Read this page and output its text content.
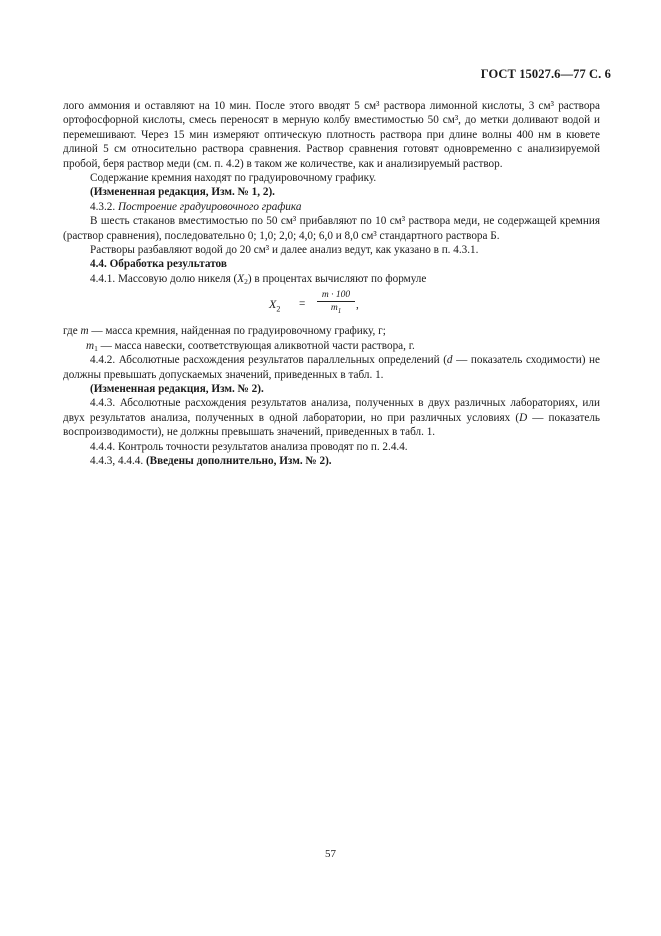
ГОСТ 15027.6—77 С. 6

лого аммония и оставляют на 10 мин. После этого вводят 5 см³ раствора лимонной кислоты, 3 см³ раствора ортофосфорной кислоты, смесь переносят в мерную колбу вместимостью 50 см³, до метки доливают водой и перемешивают. Через 15 мин измеряют оптическую плотность раствора при длине волны 400 нм в кювете длиной 5 см относительно раствора сравнения. Раствор сравнения готовят одновременно с анализируемой пробой, беря раствор меди (см. п. 4.2) в таком же количестве, как и анализируемый раствор.

Содержание кремния находят по градуировочному графику.

(Измененная редакция, Изм. № 1, 2).

4.3.2. Построение градуировочного графика

В шесть стаканов вместимостью по 50 см³ прибавляют по 10 см³ раствора меди, не содержащей кремния (раствор сравнения), последовательно 0; 1,0; 2,0; 4,0; 6,0 и 8,0 см³ стандартного раствора Б.

Растворы разбавляют водой до 20 см³ и далее анализ ведут, как указано в п. 4.3.1.

4.4. Обработка результатов

4.4.1. Массовую долю никеля $(X_2)$ в процентах вычисляют по формуле

$X_2 = \frac{m \cdot 100}{m_1}$ ,

где m — масса кремния, найденная по градуировочному графику, г;

$m_1$ — масса навески, соответствующая аликвотной части раствора, г.

4.4.2. Абсолютные расхождения результатов параллельных определений (d — показатель сходимости) не должны превышать допускаемых значений, приведенных в табл. 1.

(Измененная редакция, Изм. № 2).

4.4.3. Абсолютные расхождения результатов анализа, полученных в двух различных лабораториях, или двух результатов анализа, полученных в одной лаборатории, но при различных условиях (D — показатель воспроизводимости), не должны превышать значений, приведенных в табл. 1.

4.4.4. Контроль точности результатов анализа проводят по п. 2.4.4.

4.4.3, 4.4.4. (Введены дополнительно, Изм. № 2).

57
